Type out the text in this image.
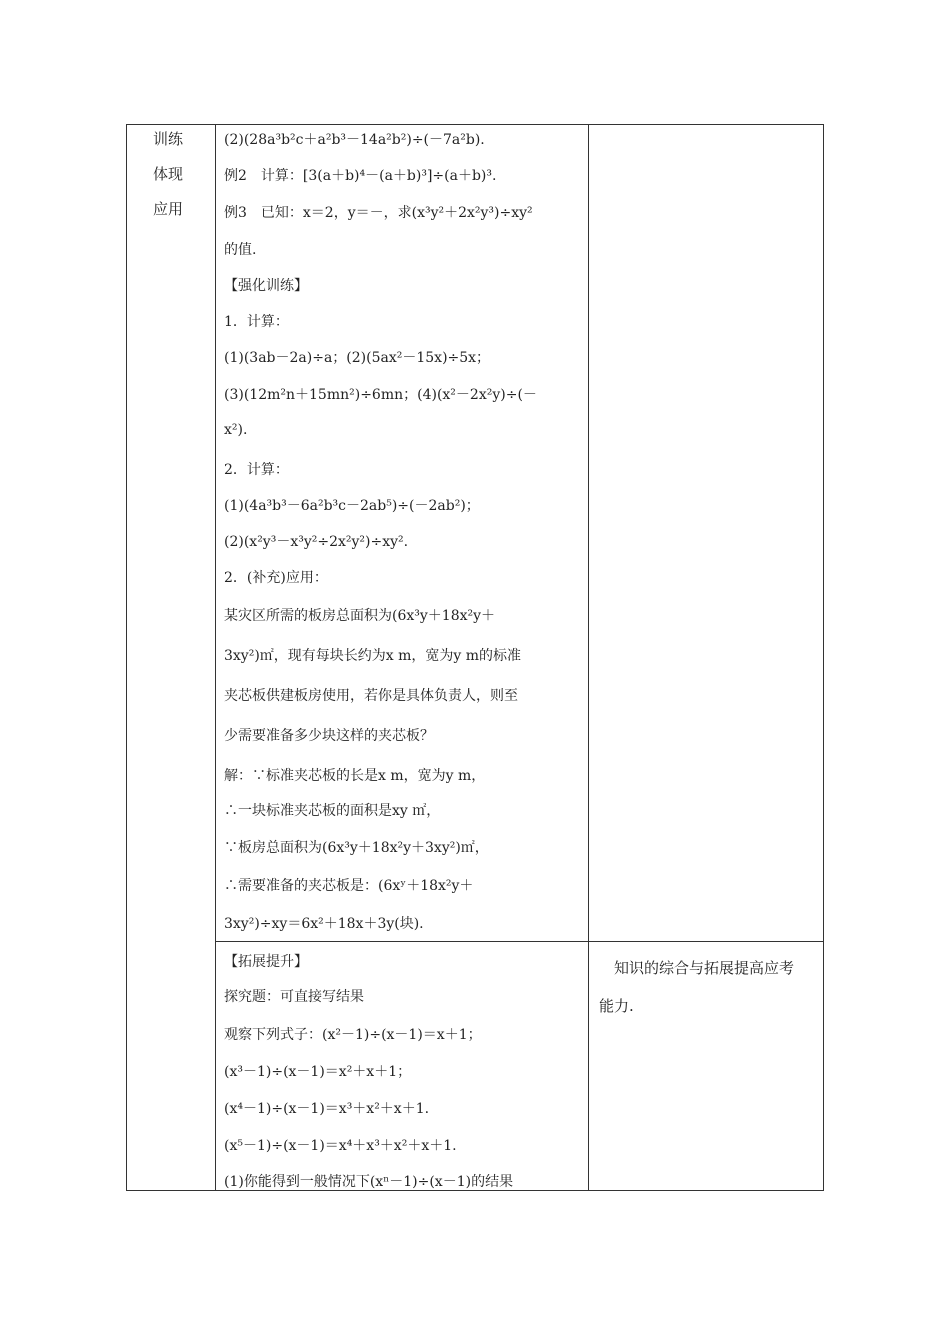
训练
体现
应用
(2)(28a³b²c＋a²b³－14a²b²)÷(－7a²b).
例2　计算：[3(a＋b)⁴－(a＋b)³]÷(a＋b)³.
例3　已知：x＝2，y＝－，求(x³y²＋2x²y³)÷xy²
的值.
【强化训练】
1．计算：
(1)(3ab－2a)÷a；(2)(5ax²－15x)÷5x；
(3)(12m²n＋15mn²)÷6mn；(4)(x²－2x²y)÷(－
x²).
2．计算：
(1)(4a³b³－6a²b³c－2ab⁵)÷(－2ab²)；
(2)(x²y³－x³y²÷2x²y²)÷xy².
2．(补充)应用：
某灾区所需的板房总面积为(6x³y＋18x²y＋
3xy²)㎡，现有每块长约为x m，宽为y m的标准
夹芯板供建板房使用，若你是具体负责人，则至
少需要准备多少块这样的夹芯板？
解：∵标准夹芯板的长是x m，宽为y m，
∴一块标准夹芯板的面积是xy ㎡，
∵板房总面积为(6x³y＋18x²y＋3xy²)㎡，
∴需要准备的夹芯板是：(6xʸ＋18x²y＋
3xy²)÷xy＝6x²＋18x＋3y(块).
【拓展提升】
探究题：可直接写结果
观察下列式子：(x²－1)÷(x－1)＝x＋1；
(x³－1)÷(x－1)＝x²＋x＋1；
(x⁴－1)÷(x－1)＝x³＋x²＋x＋1.
(x⁵－1)÷(x－1)＝x⁴＋x³＋x²＋x＋1.
(1)你能得到一般情况下(xⁿ－1)÷(x－1)的结果
知识的综合与拓展提高应考
能力.
